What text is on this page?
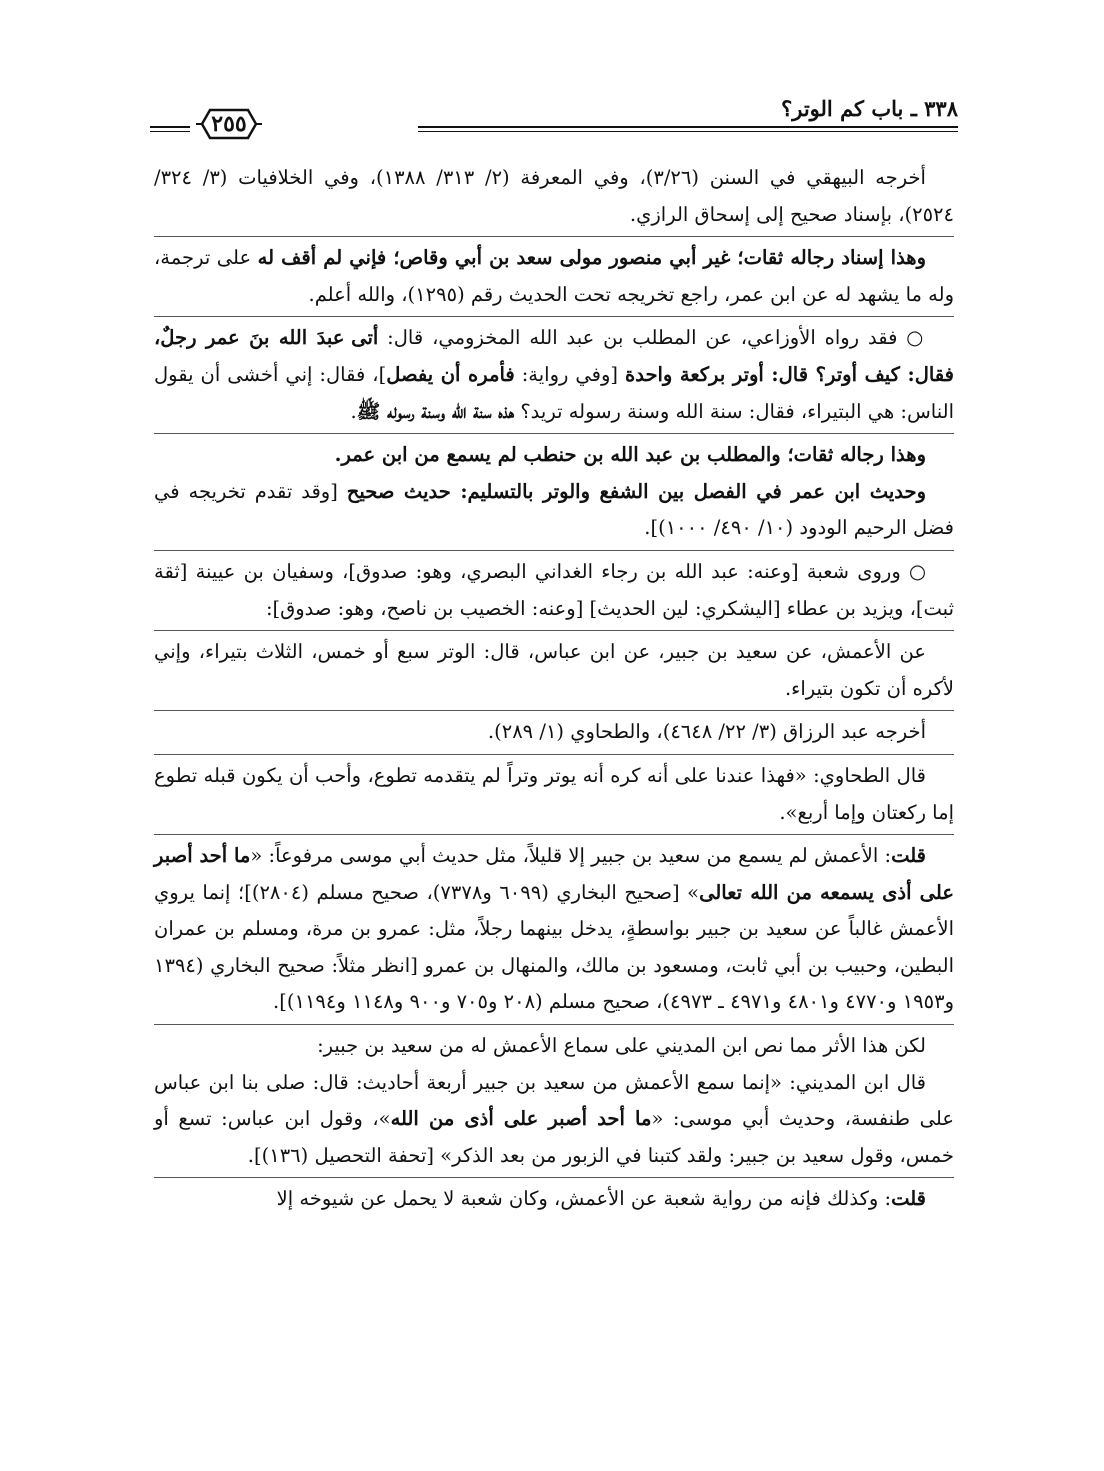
٣٣٨ ـ باب كم الوتر؟
٢٥٥

أخرجه البيهقي في السنن (٣/٢٦)، وفي المعرفة (٢/ ٣١٣/ ١٣٨٨)، وفي الخلافيات (٣/ ٣٢٤/ ٢٥٢٤)، بإسناد صحيح إلى إسحاق الرازي.

وهذا إسناد رجاله ثقات؛ غير أبي منصور مولى سعد بن أبي وقاص؛ فإني لم أقف له على ترجمة، وله ما يشهد له عن ابن عمر، راجع تخريجه تحت الحديث رقم (١٢٩٥)، والله أعلم.

○ فقد رواه الأوزاعي، عن المطلب بن عبد الله المخزومي، قال: أتى عبدَ الله بنَ عمر رجلٌ، فقال: كيف أوتر؟ قال: أوتر بركعة واحدة [وفي رواية: فأمره أن يفصل]، فقال: إني أخشى أن يقول الناس: هي البتيراء، فقال: سنة الله وسنة رسوله تريد؟ هذه سنة الله وسنة رسوله ﷺ.

وهذا رجاله ثقات؛ والمطلب بن عبد الله بن حنطب لم يسمع من ابن عمر.

وحديث ابن عمر في الفصل بين الشفع والوتر بالتسليم: حديث صحيح [وقد تقدم تخريجه في فضل الرحيم الودود (١٠/ ٤٩٠/ ١٠٠٠)].

○ وروى شعبة [وعنه: عبد الله بن رجاء الغداني البصري، وهو: صدوق]، وسفيان بن عيينة [ثقة ثبت]، ويزيد بن عطاء [اليشكري: لين الحديث] [وعنه: الخصيب بن ناصح، وهو: صدوق]:

عن الأعمش، عن سعيد بن جبير، عن ابن عباس، قال: الوتر سبع أو خمس، الثلاث بتيراء، وإني لأكره أن تكون بتيراء.

أخرجه عبد الرزاق (٣/ ٢٢/ ٤٦٤٨)، والطحاوي (١/ ٢٨٩).

قال الطحاوي: «فهذا عندنا على أنه كره أنه يوتر وتراً لم يتقدمه تطوع، وأحب أن يكون قبله تطوع إما ركعتان وإما أربع».

قلت: الأعمش لم يسمع من سعيد بن جبير إلا قليلاً، مثل حديث أبي موسى مرفوعاً: «ما أحد أصبر على أذى يسمعه من الله تعالى» [صحيح البخاري (٦٠٩٩ و٧٣٧٨)، صحيح مسلم (٢٨٠٤)]؛ إنما يروي الأعمش غالباً عن سعيد بن جبير بواسطةٍ، يدخل بينهما رجلاً، مثل: عمرو بن مرة، ومسلم بن عمران البطين، وحبيب بن أبي ثابت، ومسعود بن مالك، والمنهال بن عمرو [انظر مثلاً: صحيح البخاري (١٣٩٤ و١٩٥٣ و٤٧٧٠ و٤٨٠١ و٤٩٧١ ـ ٤٩٧٣)، صحيح مسلم (٢٠٨ و٧٠٥ و٩٠٠ و١١٤٨ و١١٩٤)].

لكن هذا الأثر مما نص ابن المديني على سماع الأعمش له من سعيد بن جبير:

قال ابن المديني: «إنما سمع الأعمش من سعيد بن جبير أربعة أحاديث: قال: صلى بنا ابن عباس على طنفسة، وحديث أبي موسى: «ما أحد أصبر على أذى من الله»، وقول ابن عباس: تسع أو خمس، وقول سعيد بن جبير: ولقد كتبنا في الزبور من بعد الذكر» [تحفة التحصيل (١٣٦)].

قلت: وكذلك فإنه من رواية شعبة عن الأعمش، وكان شعبة لا يحمل عن شيوخه إلا
